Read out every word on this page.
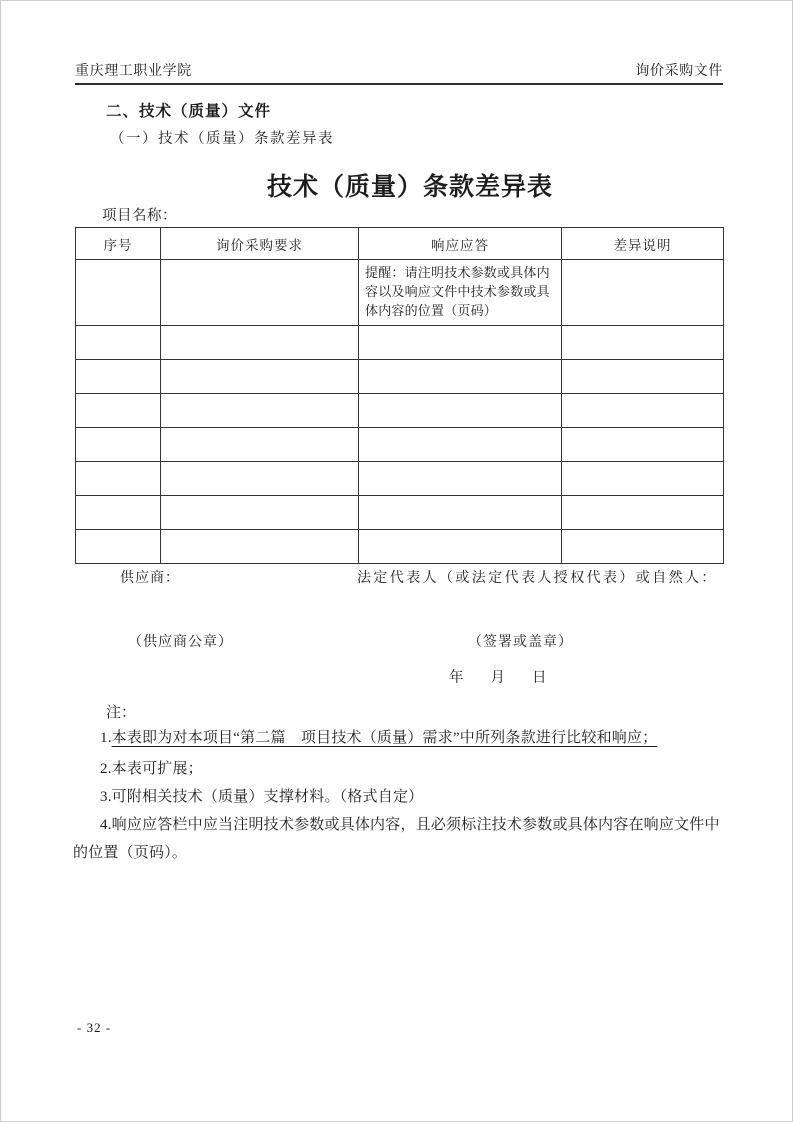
重庆理工职业学院	询价采购文件
二、技术（质量）文件
（一）技术（质量）条款差异表
技术（质量）条款差异表
项目名称：
序号	询价采购要求	响应应答	差异说明
		提醒：请注明技术参数或具体内容以及响应文件中技术参数或具体内容的位置（页码）	

供应商：	法定代表人（或法定代表人授权代表）或自然人：
（供应商公章）	（签署或盖章）
年 月 日
注：
1.本表即为对本项目“第二篇　项目技术（质量）需求”中所列条款进行比较和响应；
2.本表可扩展；
3.可附相关技术（质量）支撑材料。（格式自定）
4.响应应答栏中应当注明技术参数或具体内容，且必须标注技术参数或具体内容在响应文件中的位置（页码）。
- 32 -
